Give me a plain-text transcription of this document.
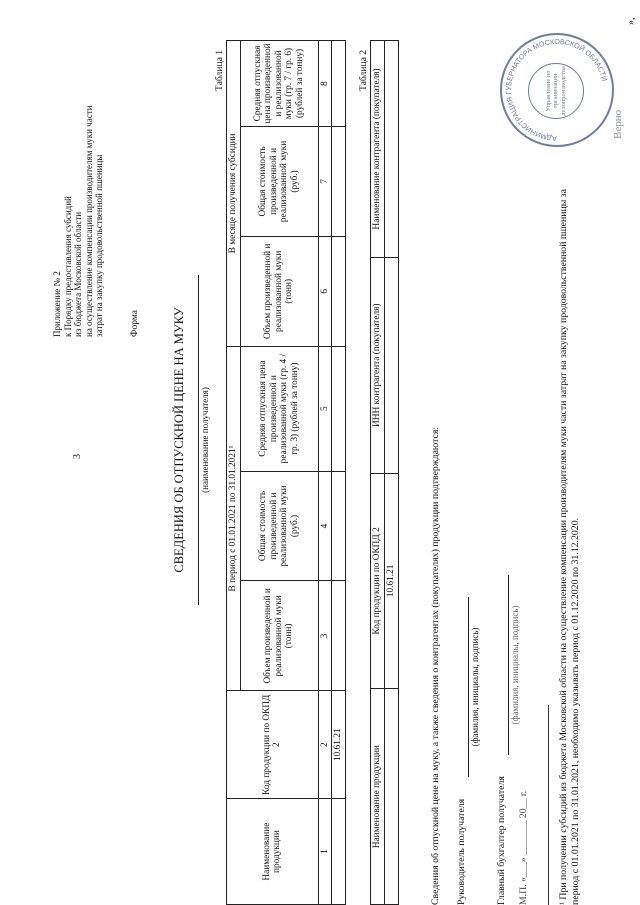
3
Приложение № 2 к Порядку предоставления субсидий из бюджета Московской области на осуществление компенсации производителям муки части затрат на закупку продовольственной пшеницы	Форма	СВЕДЕНИЯ ОБ ОТПУСКНОЙ ЦЕНЕ НА МУКУ (наименование получателя)
Таблица 1
Наименование продукции	Код продукции по ОКПД 2	В период с 01.01.2021 по 31.01.2021¹			В месяце получения субсидии		
		Объем произведенной и реализованной муки (тонн)	Общая стоимость произведенной и реализованной муки (руб.)	Средняя отпускная цена произведенной и реализованной муки (гр. 4 / гр. 3) (рублей за тонну)	Объем произведенной и реализованной муки (тонн)	Общая стоимость произведенной и реализованной муки (руб.)	Средняя отпускная цена произведенной и реализованной муки (гр. 7 / гр. 6) (рублей за тонну)
1	2	3	4	5	6	7	8
	10.61.21						
Таблица 2
Наименование продукции	Код продукции по ОКПД 2	ИНН контрагента (покупателя)	Наименование контрагента (покупателя)
	10.61.21			Сведения об отпускной цене на муку, а также сведения о контрагентах (покупателях) продукции подтверждаются: Руководитель получателя
(фамилия, инициалы, подпись)
Главный бухгалтер получателя
(фамилия, инициалы, подпись)
М.П. «___» _______ 20__ г.	¹ При получении субсидий из бюджета Московской области на осуществление компенсации производителям муки части затрат на закупку продовольственной пшеницы за период с 01.01.2021 по 31.01.2021, необходимо указывать период с 01.12.2020 по 31.12.2020.
АДМИНИСТРАЦИЯ ГУБЕРНАТОРА МОСКОВСКОЙ ОБЛАСТИ
Управление по организации делопроизводства
Верно
»,
